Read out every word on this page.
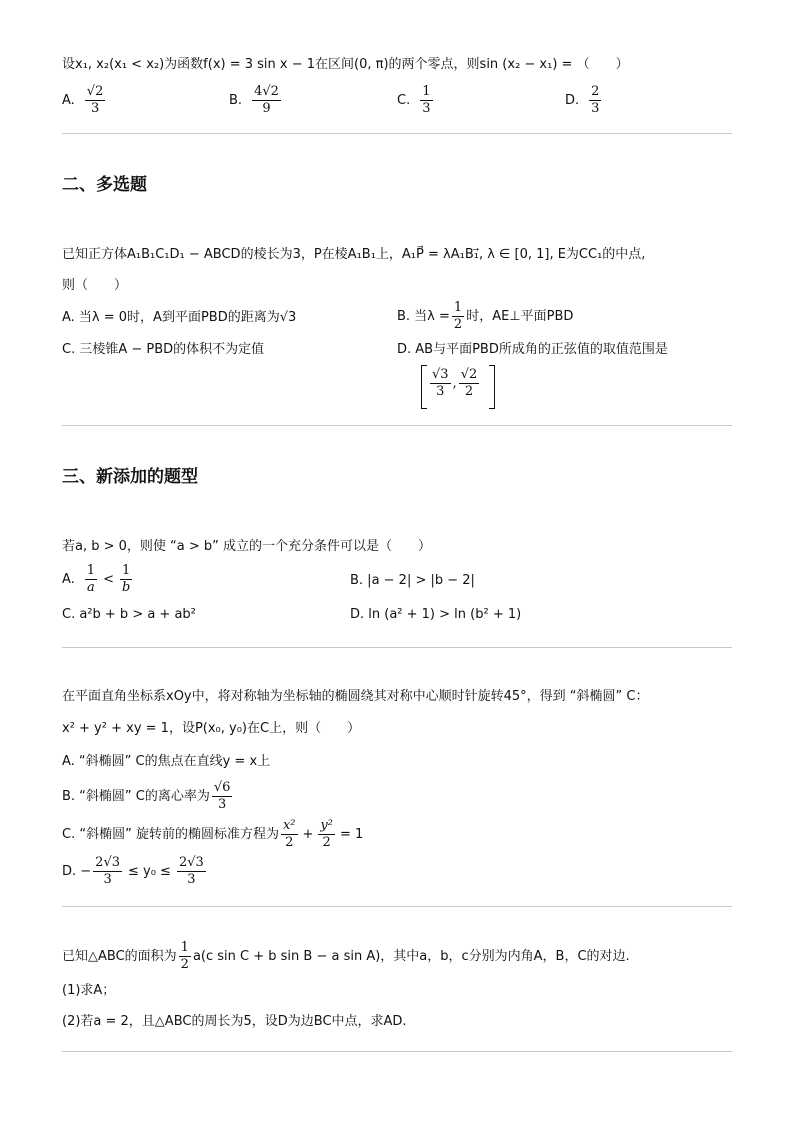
设x₁, x₂(x₁ < x₂)为函数f(x) = 3 sin x − 1在区间(0, π)的两个零点，则sin (x₂ − x₁) = （　　）
A. $\frac{√2}{3}$	B. $\frac{4√2}{9}$	C. $\frac{1}{3}$	D. $\frac{2}{3}$
二、多选题
已知正方体A₁B₁C₁D₁ − ABCD的棱长为3，P在棱A₁B₁上，A₁P⃗ = λA₁B₁⃗, λ ∈ [0, 1], E为CC₁的中点,
则（　　）
A. 当λ = 0时，A到平面PBD的距离为√3	B. 当$\lambda = \frac{1}{2}$ 时，AE⊥平面PBD
C. 三棱锥A − PBD的体积不为定值	D. AB与平面PBD所成角的正弦值的取值范围是
$\frac{√3}{3}$ , $\frac{√2}{2}$
三、新添加的题型
若a, b > 0，则使 “a > b” 成立的一个充分条件可以是（　　）
A. $\frac{1}{a} < \frac{1}{b}$	B. |a − 2| > |b − 2|
C. a²b + b > a + ab²	D. ln (a² + 1) > ln (b² + 1)
在平面直角坐标系xOy中，将对称轴为坐标轴的椭圆绕其对称中心顺时针旋转45°，得到 “斜椭圆” C：
x² + y² + xy = 1，设P(x₀, y₀)在C上，则（　　）
A. “斜椭圆” C的焦点在直线y = x上
B. “斜椭圆” C的离心率为 $\frac{√6}{3}$
C. “斜椭圆” 旋转前的椭圆标准方程为 $\frac{\text{x²}}{2} + \frac{\text{y²}}{2} = 1$
D. − $\frac{2√3}{3} \le y_0 \le \frac{2√3}{3}$
已知△ABC的面积为 $\frac{1}{2} a(c$ sin C + b sin B − a sin A)，其中a，b，c分别为内角A，B，C的对边.
(1)求A；
(2)若a = 2，且△ABC的周长为5，设D为边BC中点，求AD.
